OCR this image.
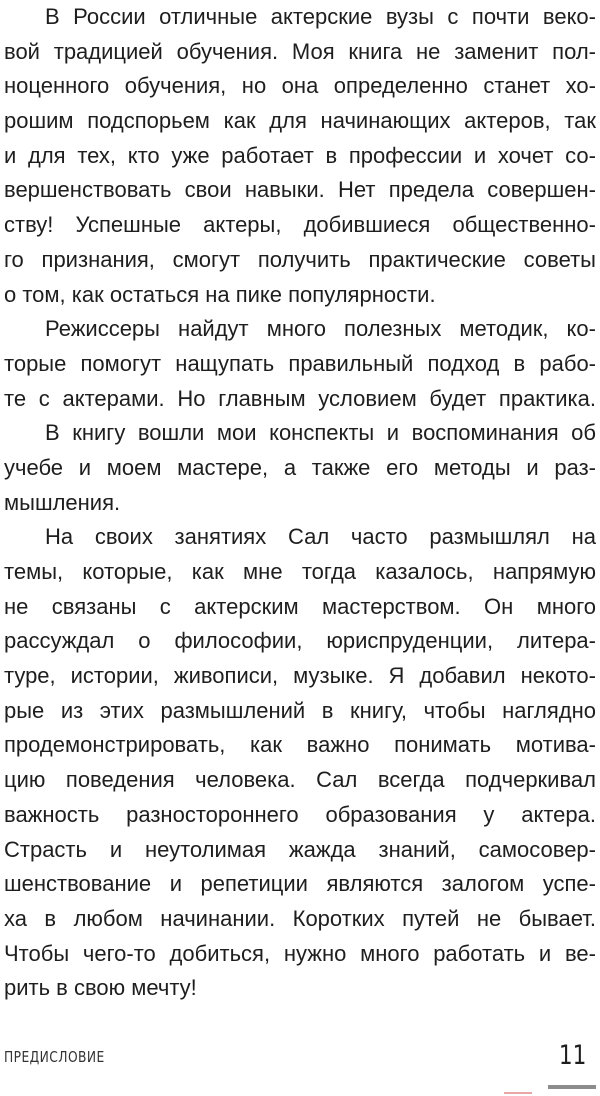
В России отличные актерские вузы с почти веко-
вой традицией обучения. Моя книга не заменит пол-
ноценного обучения, но она определенно станет хо-
рошим подспорьем как для начинающих актеров, так
и для тех, кто уже работает в профессии и хочет со-
вершенствовать свои навыки. Нет предела совершен-
ству! Успешные актеры, добившиеся общественно-
го признания, смогут получить практические советы
о том, как остаться на пике популярности.

Режиссеры найдут много полезных методик, ко-
торые помогут нащупать правильный подход в рабо-
те с актерами. Но главным условием будет практика.

В книгу вошли мои конспекты и воспоминания об
учебе и моем мастере, а также его методы и раз-
мышления.

На своих занятиях Сал часто размышлял на
темы, которые, как мне тогда казалось, напрямую
не связаны с актерским мастерством. Он много
рассуждал о философии, юриспруденции, литера-
туре, истории, живописи, музыке. Я добавил некото-
рые из этих размышлений в книгу, чтобы наглядно
продемонстрировать, как важно понимать мотива-
цию поведения человека. Сал всегда подчеркивал
важность разностороннего образования у актера.
Страсть и неутолимая жажда знаний, самосовер-
шенствование и репетиции являются залогом успе-
ха в любом начинании. Коротких путей не бывает.
Чтобы чего-то добиться, нужно много работать и ве-
рить в свою мечту!

ПРЕДИСЛОВИЕ	11
